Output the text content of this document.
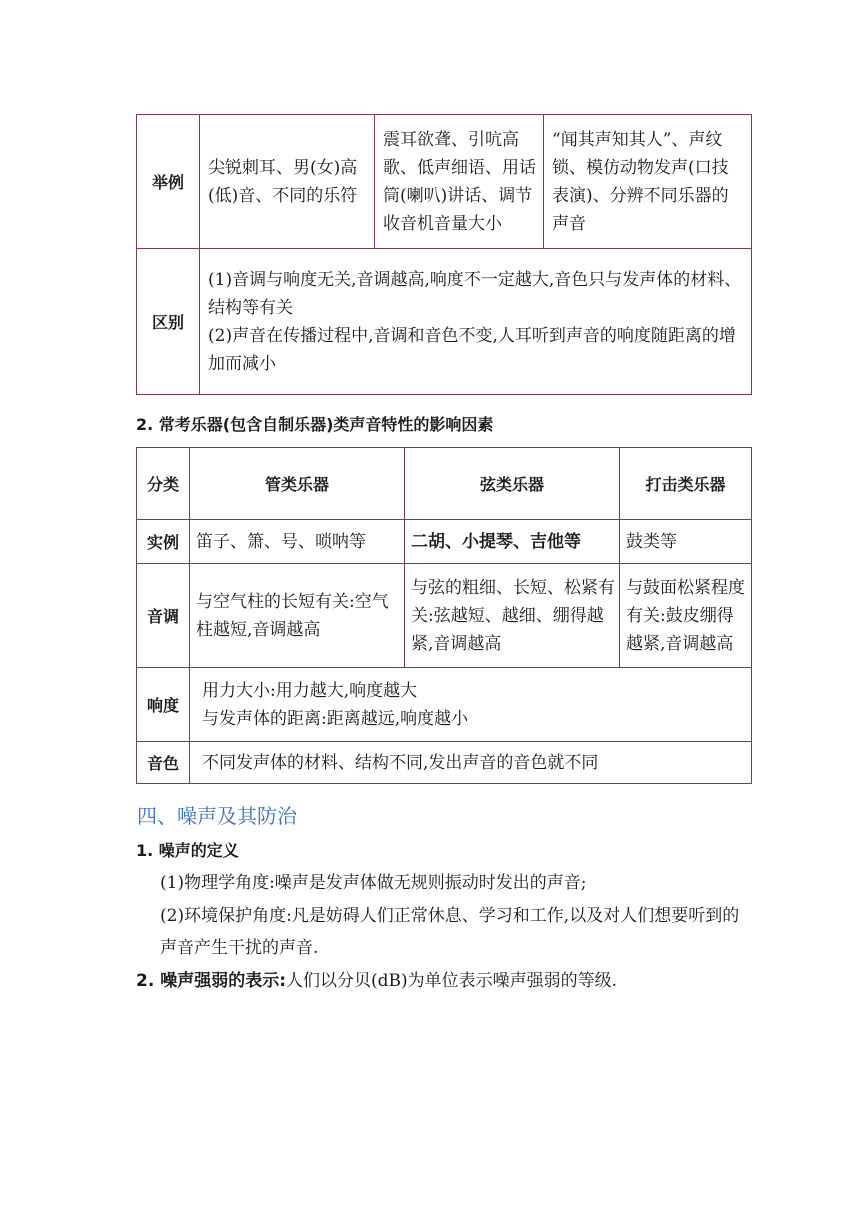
举例	尖锐刺耳、男(女)高(低)音、不同的乐符	震耳欲聋、引吭高歌、低声细语、用话筒(喇叭)讲话、调节收音机音量大小	“闻其声知其人”、声纹锁、模仿动物发声(口技表演)、分辨不同乐器的声音
区别	(1)音调与响度无关,音调越高,响度不一定越大,音色只与发声体的材料、结构等有关
(2)声音在传播过程中,音调和音色不变,人耳听到声音的响度随距离的增加而减小		
2. 常考乐器(包含自制乐器)类声音特性的影响因素
分类	管类乐器	弦类乐器	打击类乐器
实例	笛子、箫、号、唢呐等	二胡、小提琴、吉他等	鼓类等
音调	与空气柱的长短有关:空气柱越短,音调越高	与弦的粗细、长短、松紧有关:弦越短、越细、绷得越紧,音调越高	与鼓面松紧程度有关:鼓皮绷得越紧,音调越高
响度	用力大小:用力越大,响度越大
与发声体的距离:距离越远,响度越小		

音色	不同发声体的材料、结构不同,发出声音的音色就不同		
四、噪声及其防治
1. 噪声的定义
(1)物理学角度:噪声是发声体做无规则振动时发出的声音;
(2)环境保护角度:凡是妨碍人们正常休息、学习和工作,以及对人们想要听到的声音产生干扰的声音.
2. 噪声强弱的表示:人们以分贝(dB)为单位表示噪声强弱的等级.
